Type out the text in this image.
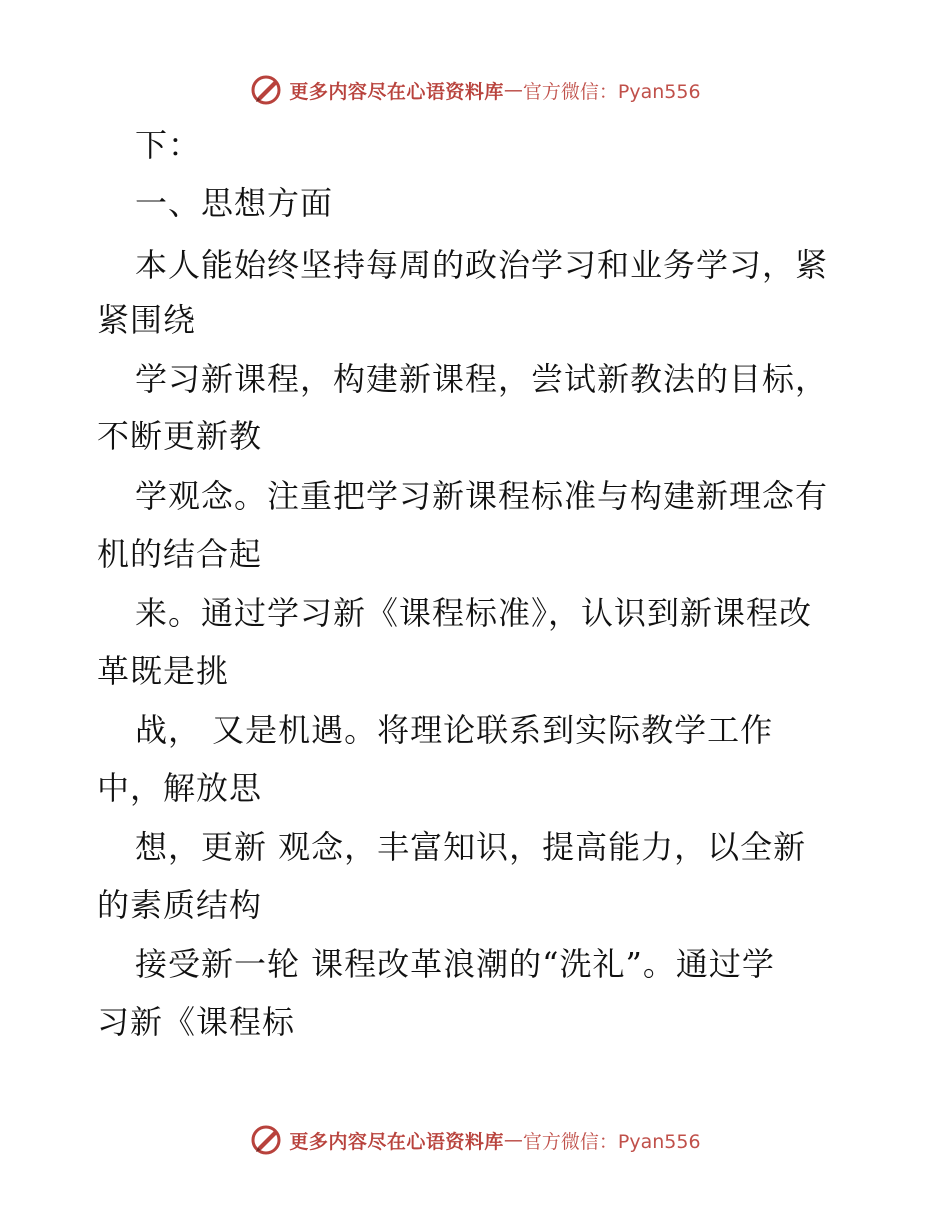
更多内容尽在心语资料库 — 官方微信：Pyan556
下：
一、思想方面
本人能始终坚持每周的政治学习和业务学习，紧
紧围绕
学习新课程，构建新课程，尝试新教法的目标，
不断更新教
学观念。注重把学习新课程标准与构建新理念有
机的结合起
来。通过学习新《课程标准》，认识到新课程改
革既是挑
战， 又是机遇。将理论联系到实际教学工作
中，解放思
想，更新 观念，丰富知识，提高能力，以全新
的素质结构
接受新一轮 课程改革浪潮的“洗礼”。通过学
习新《课程标
更多内容尽在心语资料库 — 官方微信：Pyan556
